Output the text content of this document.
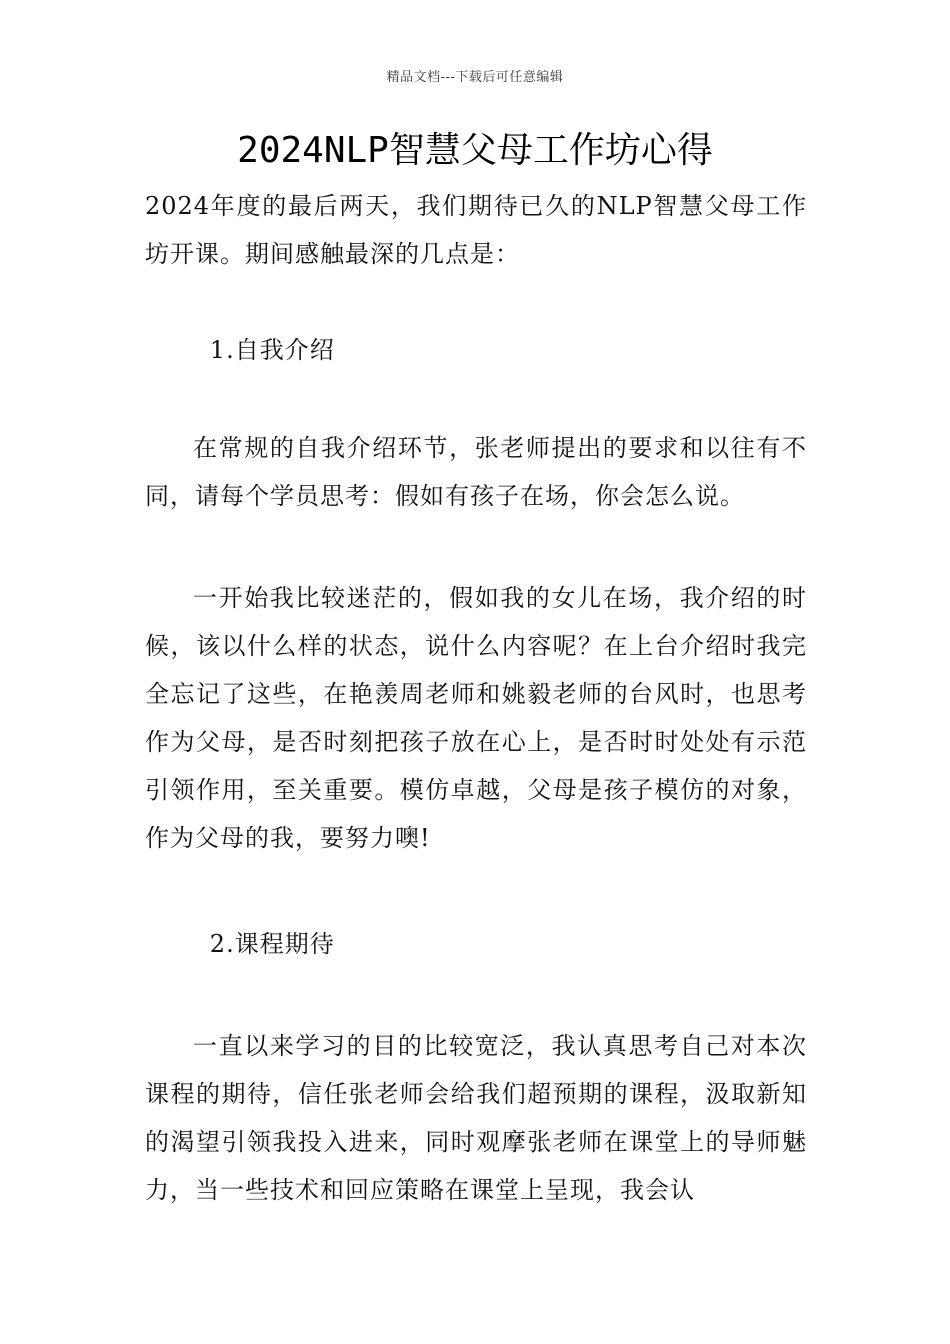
精品文档---下载后可任意编辑
2024NLP智慧父母工作坊心得

2024年度的最后两天，我们期待已久的NLP智慧父母工作坊开课。期间感触最深的几点是：

1.自我介绍

在常规的自我介绍环节，张老师提出的要求和以往有不同，请每个学员思考：假如有孩子在场，你会怎么说。

一开始我比较迷茫的，假如我的女儿在场，我介绍的时候，该以什么样的状态，说什么内容呢？在上台介绍时我完全忘记了这些，在艳羡周老师和姚毅老师的台风时，也思考作为父母，是否时刻把孩子放在心上，是否时时处处有示范引领作用，至关重要。模仿卓越，父母是孩子模仿的对象，作为父母的我，要努力噢!

2.课程期待

一直以来学习的目的比较宽泛，我认真思考自己对本次课程的期待，信任张老师会给我们超预期的课程，汲取新知的渴望引领我投入进来，同时观摩张老师在课堂上的导师魅力，当一些技术和回应策略在课堂上呈现，我会认
